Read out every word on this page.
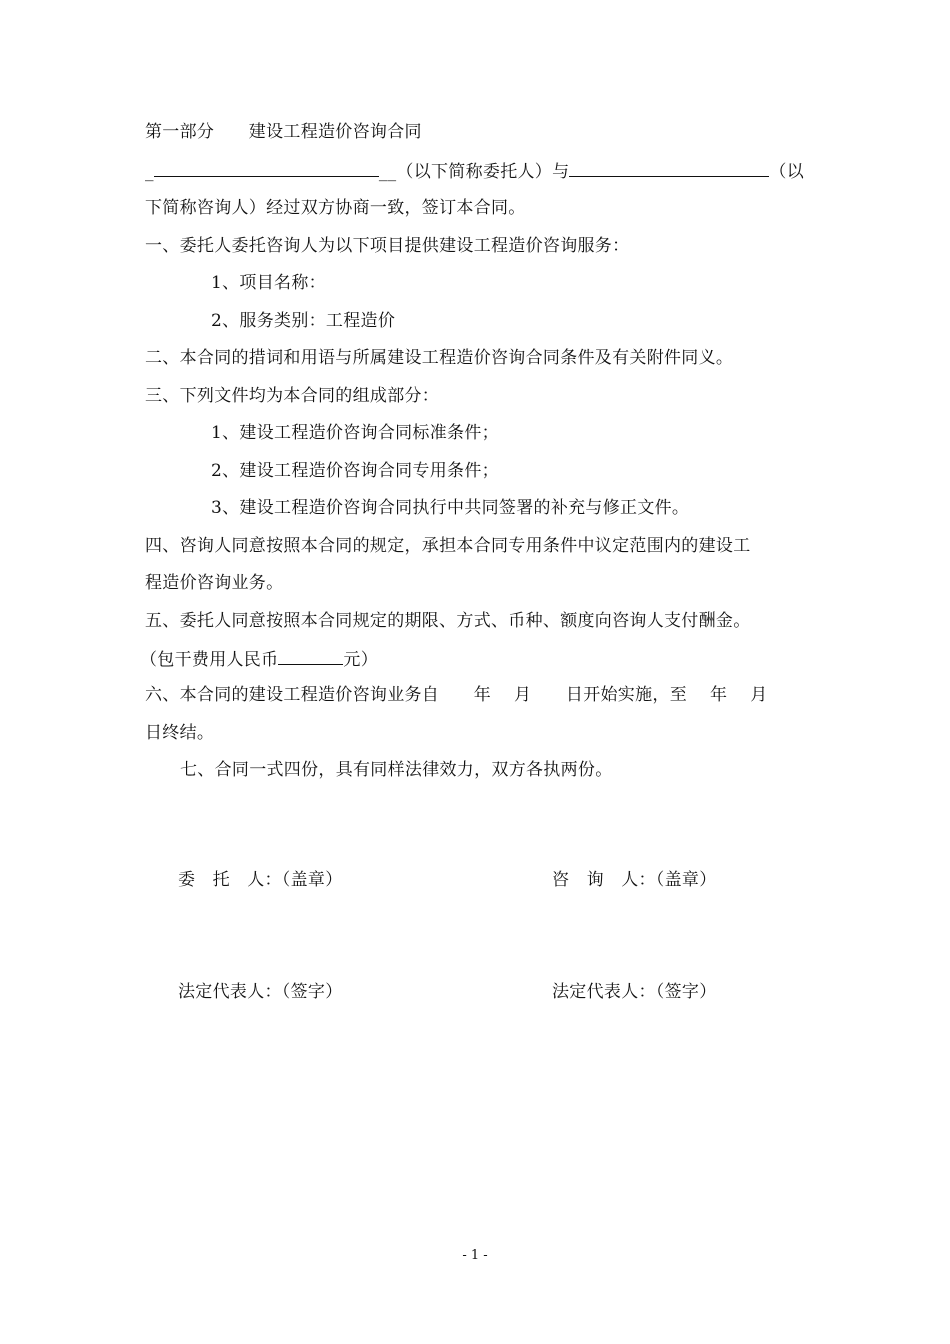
第一部分　　建设工程造价咨询合同
_	__（以下简称委托人）与	（以
下简称咨询人）经过双方协商一致，签订本合同。
一、委托人委托咨询人为以下项目提供建设工程造价咨询服务：
1、项目名称：
2、服务类别：工程造价
二、本合同的措词和用语与所属建设工程造价咨询合同条件及有关附件同义。
三、下列文件均为本合同的组成部分：
1、建设工程造价咨询合同标准条件；
2、建设工程造价咨询合同专用条件；
3、建设工程造价咨询合同执行中共同签署的补充与修正文件。
四、咨询人同意按照本合同的规定，承担本合同专用条件中议定范围内的建设工
程造价咨询业务。
五、委托人同意按照本合同规定的期限、方式、币种、额度向咨询人支付酬金。
（包干费用人民币	元）
六、本合同的建设工程造价咨询业务自　　年　 月　　日开始实施，至　 年　 月
日终结。
七、合同一式四份，具有同样法律效力，双方各执两份。
委　托　人：（盖章）	咨　询　人：（盖章）
法定代表人：（签字）	法定代表人：（签字）
- 1 -
